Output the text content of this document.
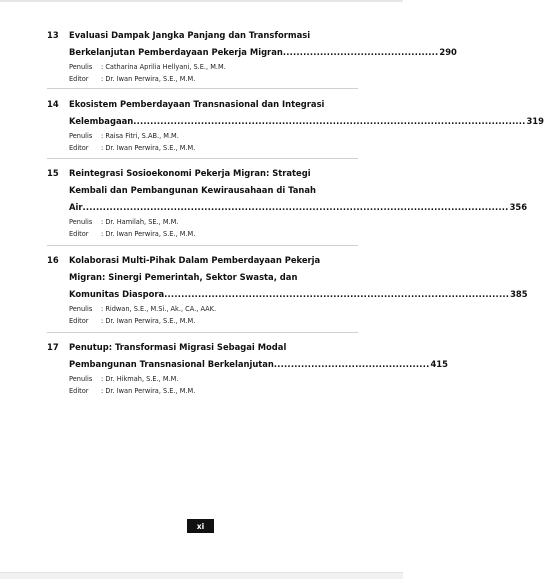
13 Evaluasi Dampak Jangka Panjang dan Transformasi
Berkelanjutan Pemberdayaan Pekerja Migran .............................................. 290
Penulis	: Catharina Aprilia Hellyani, S.E., M.M.
Editor	: Dr. Iwan Perwira, S.E., M.M.
14 Ekosistem Pemberdayaan Transnasional dan Integrasi
Kelembagaan .................................................................................................................... 319
Penulis	: Raisa Fitri, S.AB., M.M.
Editor	: Dr. Iwan Perwira, S.E., M.M.
15 Reintegrasi Sosioekonomi Pekerja Migran: Strategi
Kembali dan Pembangunan Kewirausahaan di Tanah
Air .............................................................................................................................. 356
Penulis	: Dr. Hamilah, SE., M.M.
Editor	: Dr. Iwan Perwira, S.E., M.M.
16 Kolaborasi Multi-Pihak Dalam Pemberdayaan Pekerja
Migran: Sinergi Pemerintah, Sektor Swasta, dan
Komunitas Diaspora ...................................................................................................... 385
Penulis	: Ridwan, S.E., M.Si., Ak., CA., AAK.
Editor	: Dr. Iwan Perwira, S.E., M.M.
17 Penutup: Transformasi Migrasi Sebagai Modal
Pembangunan Transnasional Berkelanjutan .............................................. 415
Penulis	: Dr. Hikmah, S.E., M.M.
Editor	: Dr. Iwan Perwira, S.E., M.M.
xi
